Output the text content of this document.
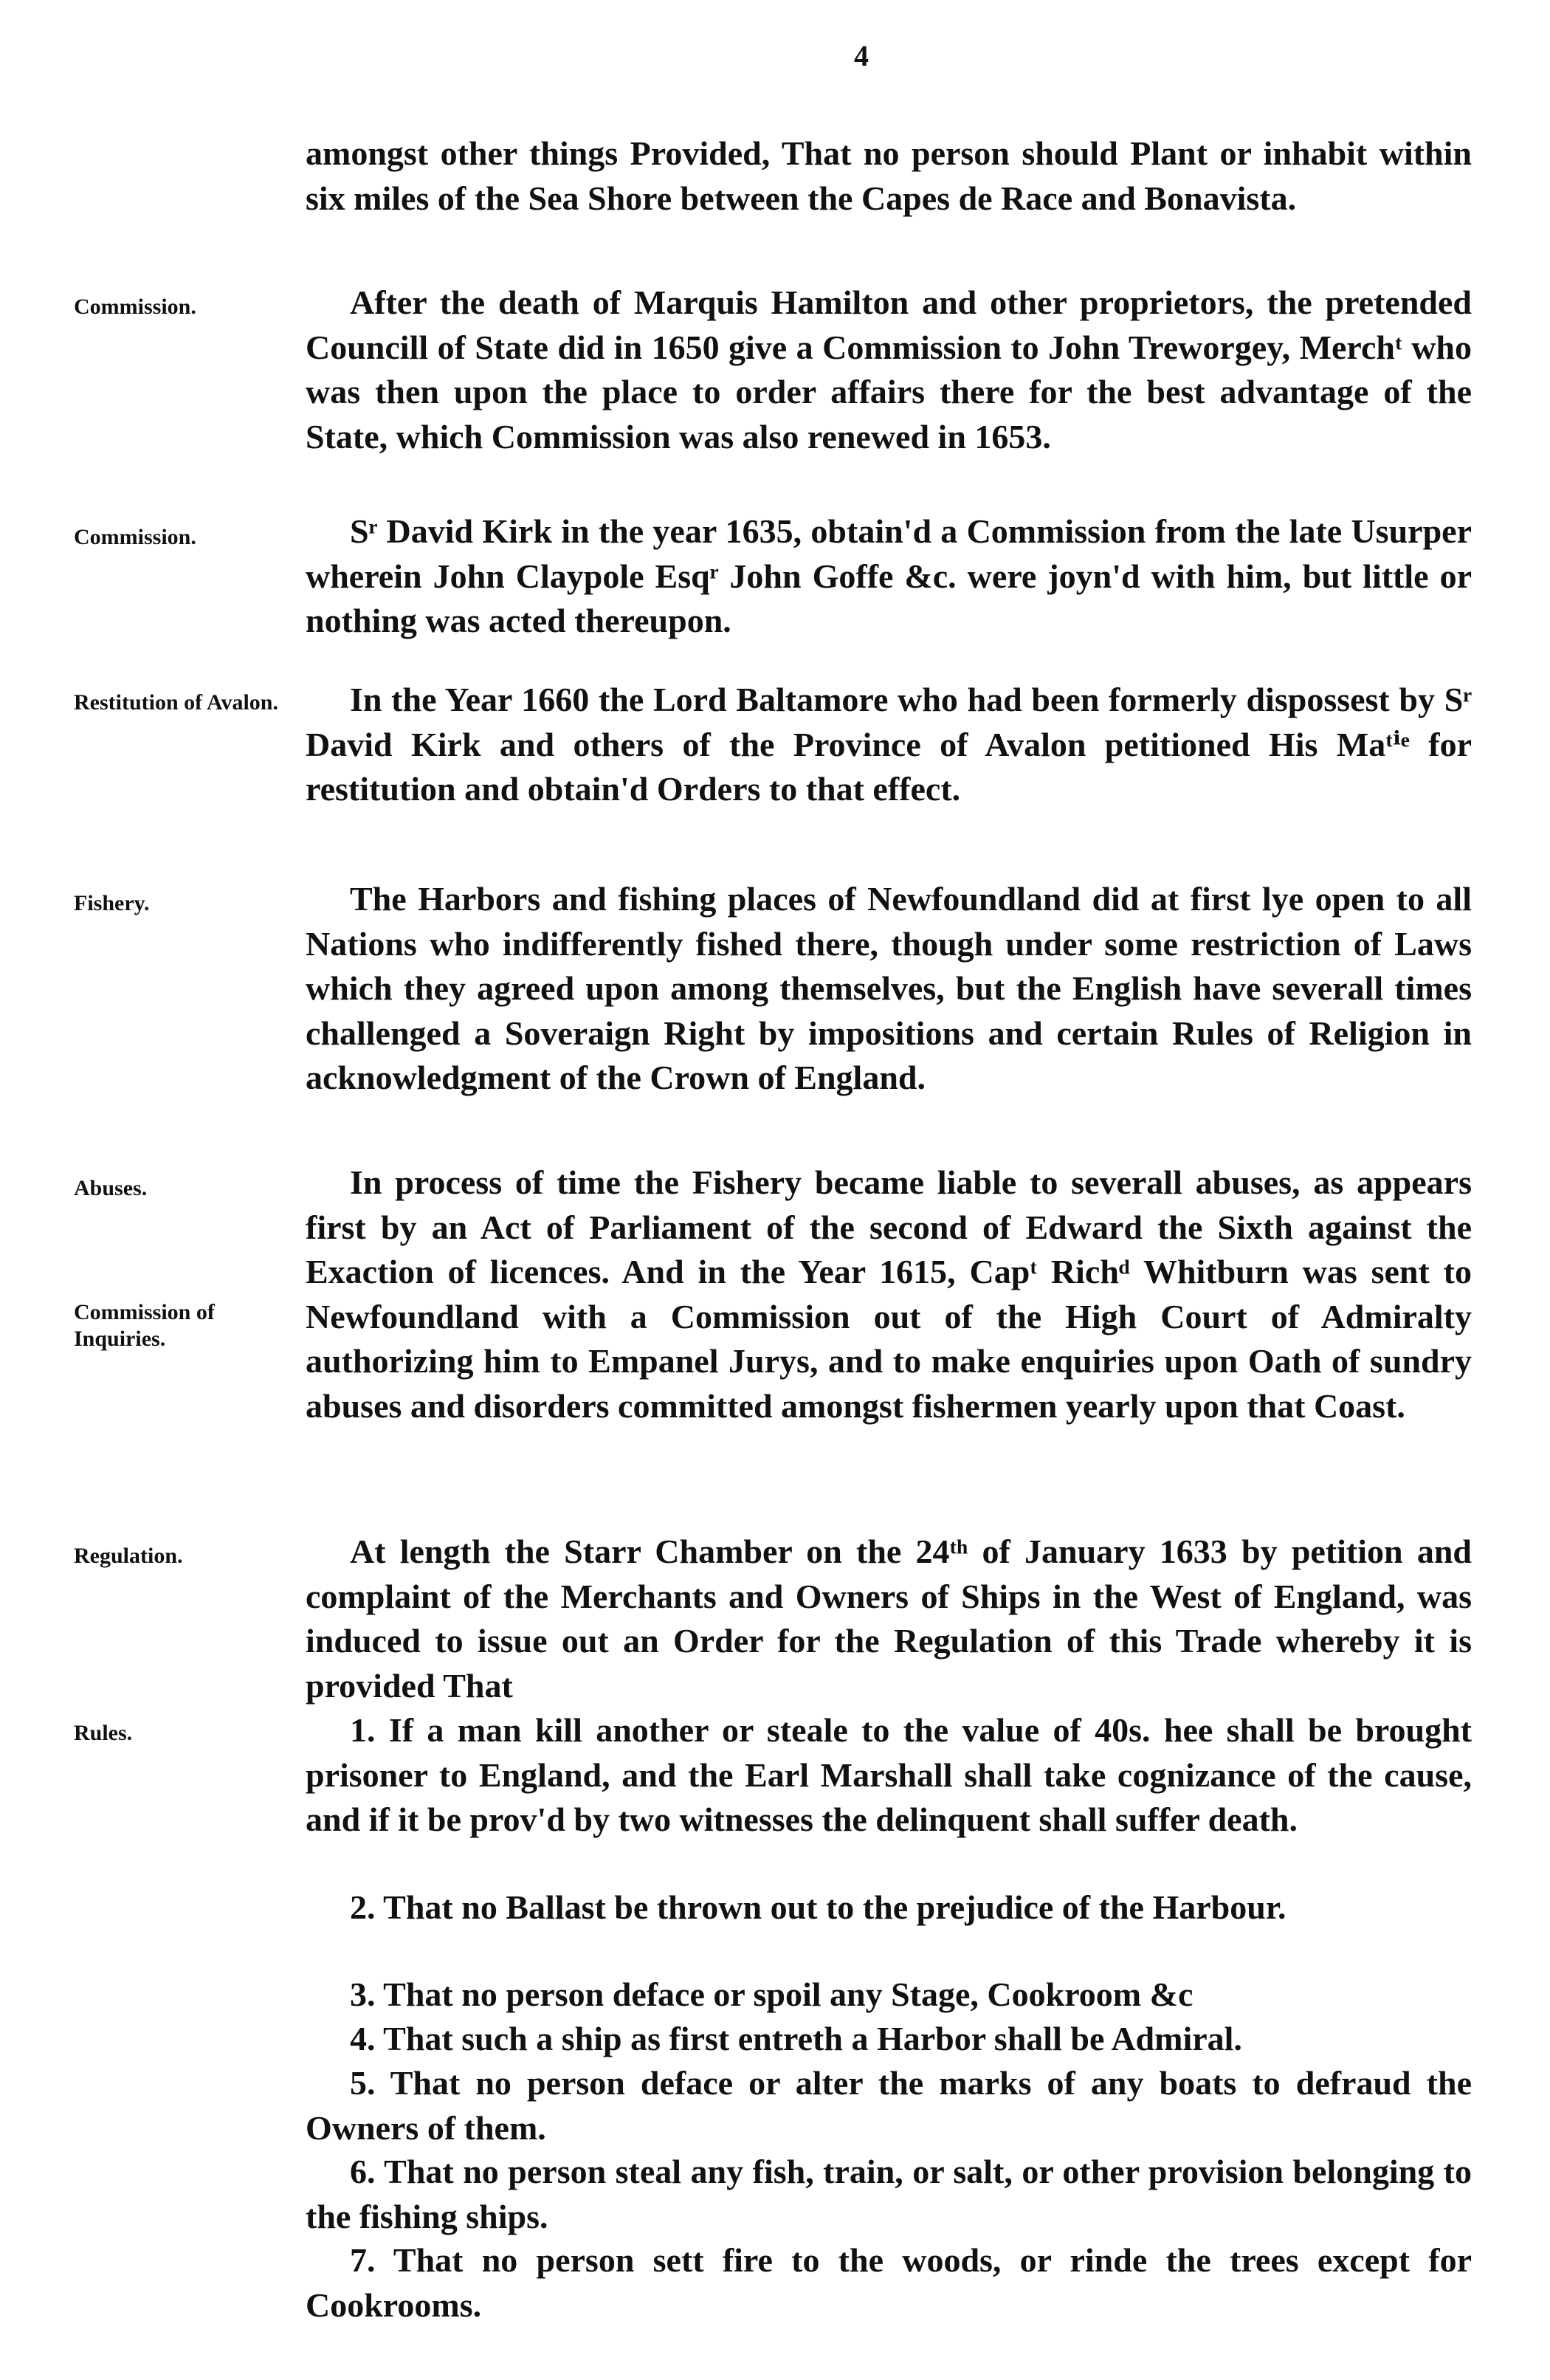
4
amongst other things Provided, That no person should Plant or inhabit within six miles of the Sea Shore between the Capes de Race and Bonavista.
Commission.	After the death of Marquis Hamilton and other proprietors, the pretended Councill of State did in 1650 give a Commission to John Treworgey, Merchᵗ who was then upon the place to order affairs there for the best advantage of the State, which Commission was also renewed in 1653.
Commission.	Sʳ David Kirk in the year 1635, obtain'd a Commission from the late Usurper wherein John Claypole Esqʳ John Goffe &c. were joyn'd with him, but little or nothing was acted thereupon.
Restitution of Avalon.	In the Year 1660 the Lord Baltamore who had been formerly dispossest by Sʳ David Kirk and others of the Province of Avalon petitioned His Maᵗⁱᵉ for restitution and obtain'd Orders to that effect.
Fishery.	The Harbors and fishing places of Newfoundland did at first lye open to all Nations who indifferently fished there, though under some restriction of Laws which they agreed upon among themselves, but the English have severall times challenged a Soveraign Right by impositions and certain Rules of Religion in acknowledgment of the Crown of England.
Abuses.	In process of time the Fishery became liable to severall abuses, as appears first by an Act of Parliament of the second of Edward the Sixth against the Exaction of licences. And in the Year 1615, Capᵗ Richᵈ Whitburn was sent to Newfoundland with a Commission out of the High Court of Admiralty authorizing him to Empanel Jurys, and to make enquiries upon Oath of sundry abuses and disorders committed amongst fishermen yearly upon that Coast.
Commission of Inquiries.
Regulation.	At length the Starr Chamber on the 24ᵗʰ of January 1633 by petition and complaint of the Merchants and Owners of Ships in the West of England, was induced to issue out an Order for the Regulation of this Trade whereby it is provided That
Rules.	1. If a man kill another or steale to the value of 40s. hee shall be brought prisoner to England, and the Earl Marshall shall take cognizance of the cause, and if it be prov'd by two witnesses the delinquent shall suffer death.
2. That no Ballast be thrown out to the prejudice of the Harbour.
3. That no person deface or spoil any Stage, Cookroom &c
4. That such a ship as first entreth a Harbor shall be Admiral.
5. That no person deface or alter the marks of any boats to defraud the Owners of them.
6. That no person steal any fish, train, or salt, or other provision belonging to the fishing ships.
7. That no person sett fire to the woods, or rinde the trees except for Cookrooms.
